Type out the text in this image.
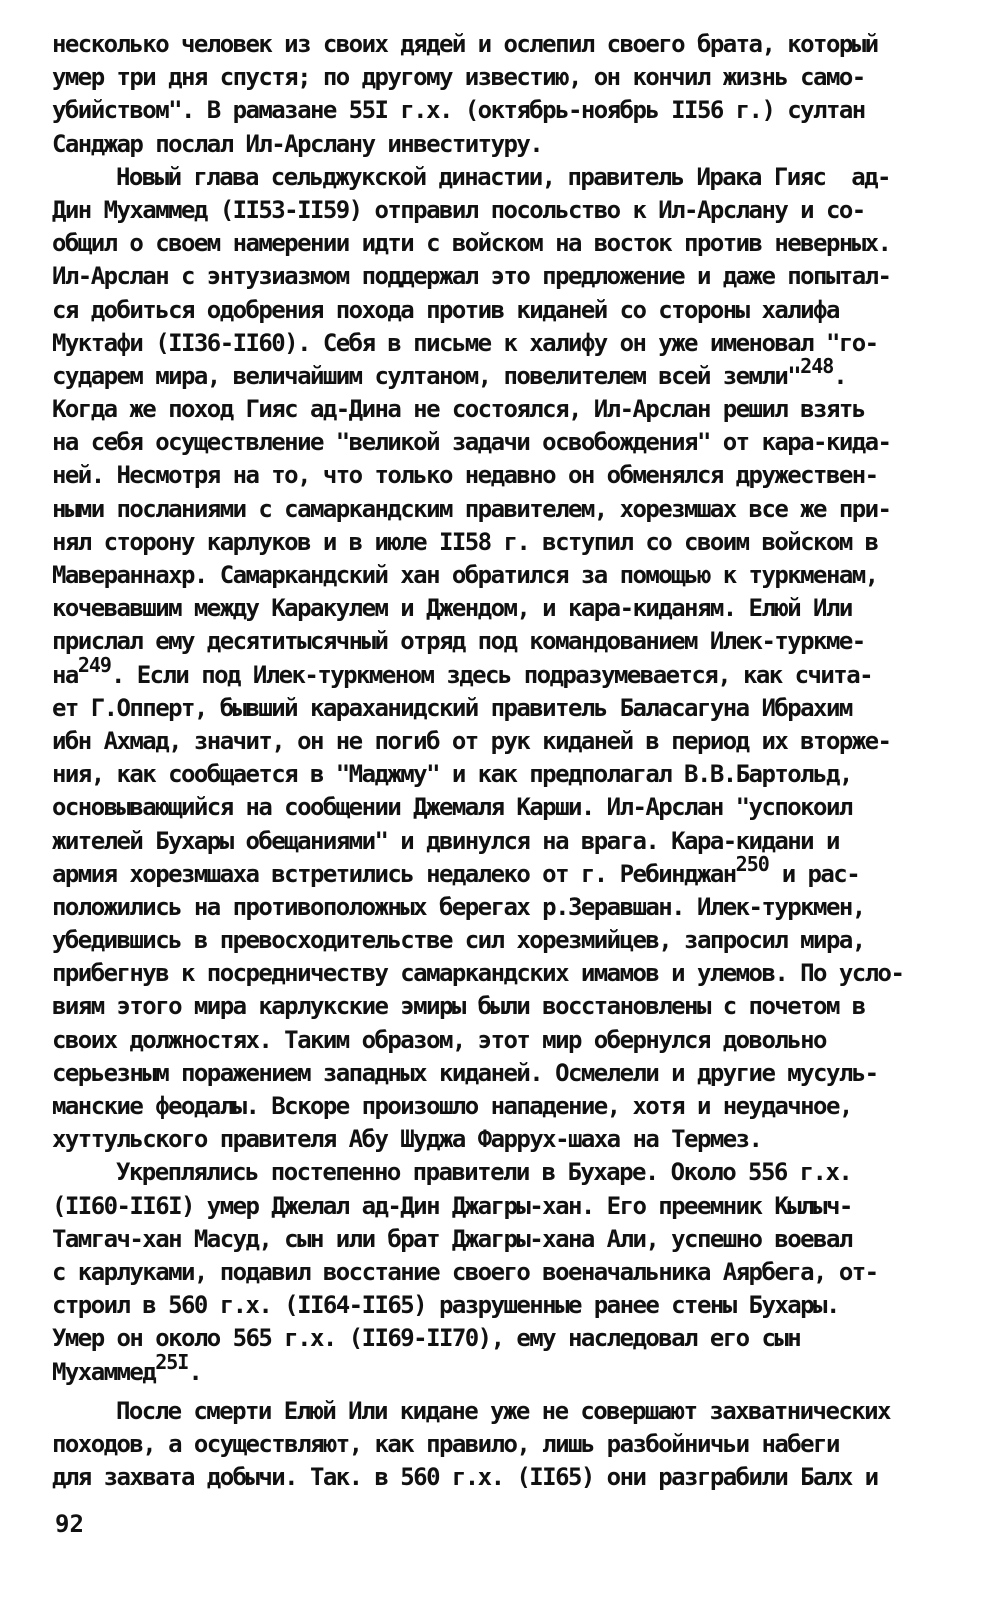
несколько человек из своих дядей и ослепил своего брата, который
умер три дня спустя; по другому известию, он кончил жизнь само-
убийством". В рамазане 55I г.х. (октябрь-ноябрь II56 г.) султан
Санджар послал Ил-Арслану инвеституру.
Новый глава сельджукской династии, правитель Ирака Гияс  ад-
Дин Мухаммед (II53-II59) отправил посольство к Ил-Арслану и со-
общил о своем намерении идти с войском на восток против неверных.
Ил-Арслан с энтузиазмом поддержал это предложение и даже попытал-
ся добиться одобрения похода против киданей со стороны халифа
Муктафи (II36-II60). Себя в письме к халифу он уже именовал "го-
сударем мира, величайшим султаном, повелителем всей земли"$^{248}$.
Когда же поход Гияс ад-Дина не состоялся, Ил-Арслан решил взять
на себя осуществление "великой задачи освобождения" от кара-кида-
ней. Несмотря на то, что только недавно он обменялся дружествен-
ными посланиями с самаркандским правителем, хорезмшах все же при-
нял сторону карлуков и в июле II58 г. вступил со своим войском в
Мавераннахр. Самаркандский хан обратился за помощью к туркменам,
кочевавшим между Каракулем и Джендом, и кара-киданям. Елюй Или
прислал ему десятитысячный отряд под командованием Илек-туркме-
$на^{249}$. Если под Илек-туркменом здесь подразумевается, как счита-
ет Г.Опперт, бывший караханидский правитель Баласагуна Ибрахим
ибн Ахмад, значит, он не погиб от рук киданей в период их вторже-
ния, как сообщается в "Маджму" и как предполагал В.В.Бартольд,
основывающийся на сообщении Джемаля Карши. Ил-Арслан "успокоил
жителей Бухары обещаниями" и двинулся на врага. Кара-кидани и
армия хорезмшаха встретились недалеко от г. Ребинджан$^{250}$ и рас-
положились на противоположных берегах р.Зеравшан. Илек-туркмен,
убедившись в превосходительстве сил хорезмийцев, запросил мира,
прибегнув к посредничеству самаркандских имамов и улемов. По усло-
виям этого мира карлукские эмиры были восстановлены с почетом в
своих должностях. Таким образом, этот мир обернулся довольно
серьезным поражением западных киданей. Осмелели и другие мусуль-
манские феодалы. Вскоре произошло нападение, хотя и неудачное,
хуттульского правителя Абу Шуджа Фаррух-шаха на Термез.
Укреплялись постепенно правители в Бухаре. Около 556 г.х.
(II60-II6I) умер Джелал ад-Дин Джагры-хан. Его преемник Кылыч-
Тамгач-хан Масуд, сын или брат Джагры-хана Али, успешно воевал
с карлуками, подавил восстание своего военачальника Аярбега, от-
строил в 560 г.х. (II64-II65) разрушенные ранее стены Бухары.
Умер он около 565 г.х. (II69-II70), ему наследовал его сын
Мухаммед$^{25I}$.
После смерти Елюй Или кидане уже не совершают захватнических
походов, а осуществляют, как правило, лишь разбойничьи набеги
для захвата добычи. Так. в 560 г.х. (II65) они разграбили Балх и
92
